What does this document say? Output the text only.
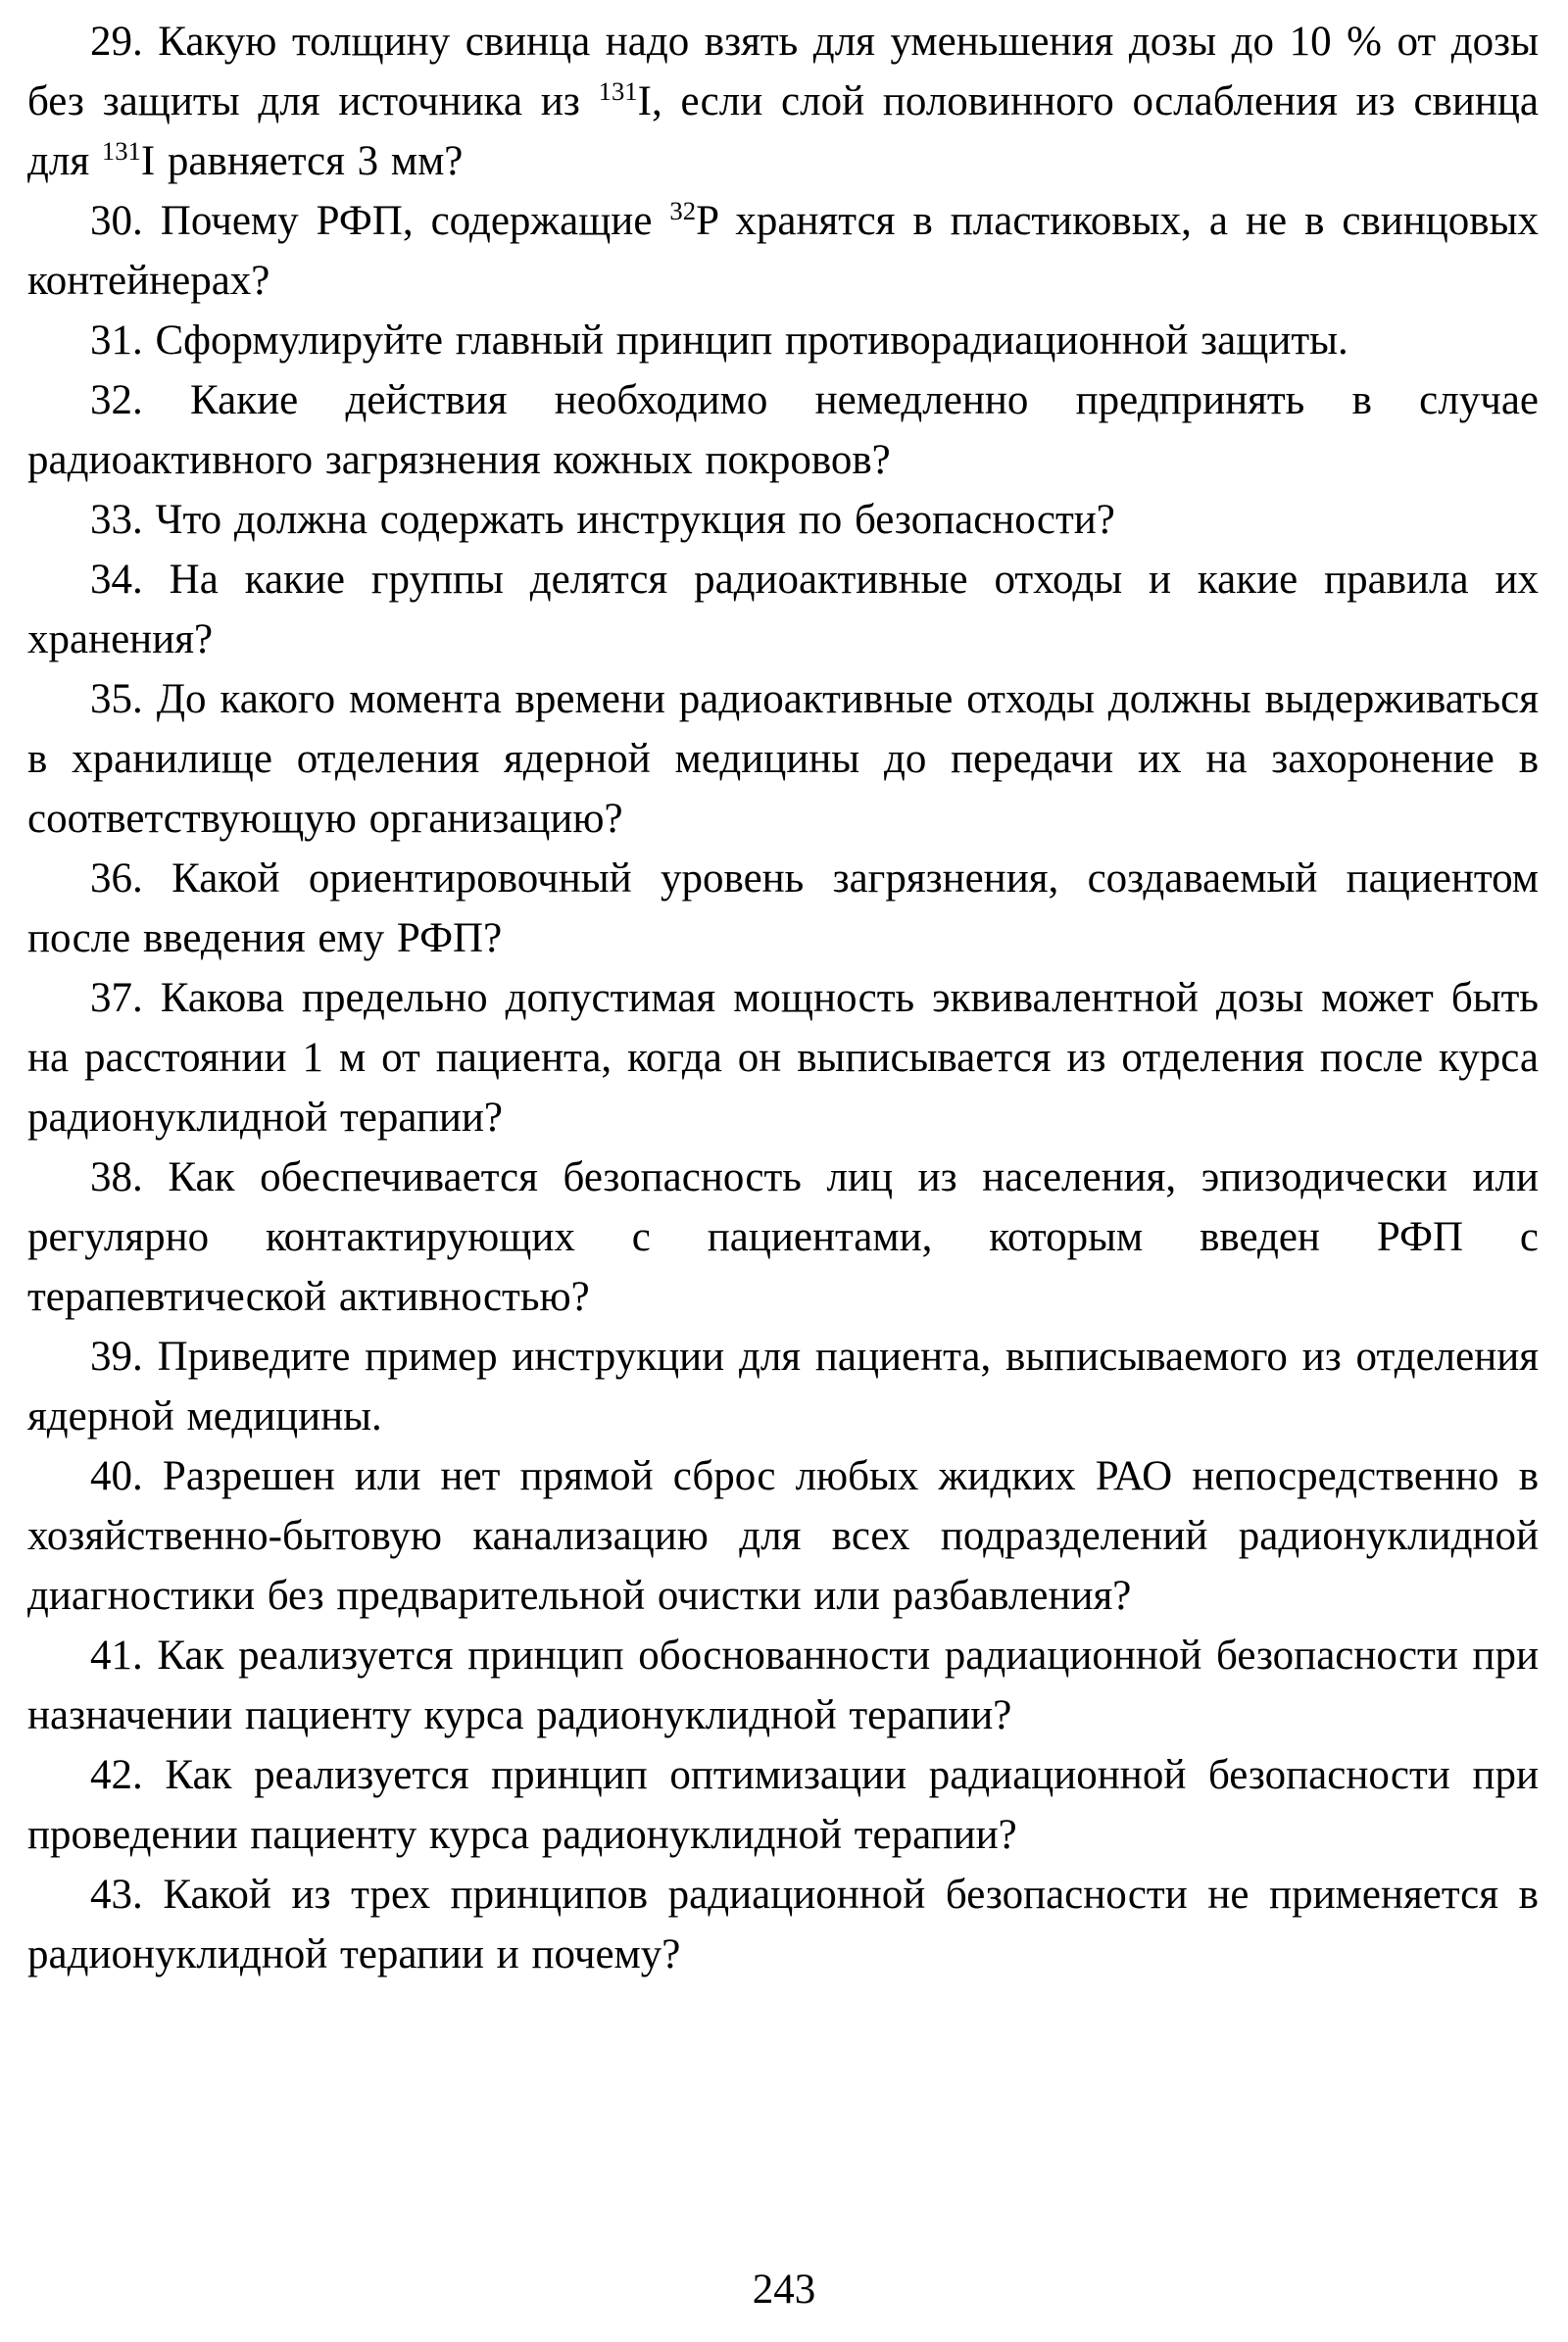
29. Какую толщину свинца надо взять для уменьшения дозы до 10 % от дозы без защиты для источника из $^{131}$I, если слой половинного ослабления из свинца для $^{131}$I равняется 3 мм?

30. Почему РФП, содержащие $^{32}$P хранятся в пластиковых, а не в свинцовых контейнерах?

31. Сформулируйте главный принцип противорадиационной защиты.

32. Какие действия необходимо немедленно предпринять в случае радиоактивного загрязнения кожных покровов?

33. Что должна содержать инструкция по безопасности?

34. На какие группы делятся радиоактивные отходы и какие правила их хранения?

35. До какого момента времени радиоактивные отходы должны выдерживаться в хранилище отделения ядерной медицины до передачи их на захоронение в соответствующую организацию?

36. Какой ориентировочный уровень загрязнения, создаваемый пациентом после введения ему РФП?

37. Какова предельно допустимая мощность эквивалентной дозы может быть на расстоянии 1 м от пациента, когда он выписывается из отделения после курса радионуклидной терапии?

38. Как обеспечивается безопасность лиц из населения, эпизодически или регулярно контактирующих с пациентами, которым введен РФП с терапевтической активностью?

39. Приведите пример инструкции для пациента, выписываемого из отделения ядерной медицины.

40. Разрешен или нет прямой сброс любых жидких РАО непосредственно в хозяйственно-бытовую канализацию для всех подразделений радионуклидной диагностики без предварительной очистки или разбавления?

41. Как реализуется принцип обоснованности радиационной безопасности при назначении пациенту курса радионуклидной терапии?

42. Как реализуется принцип оптимизации радиационной безопасности при проведении пациенту курса радионуклидной терапии?

43. Какой из трех принципов радиационной безопасности не применяется в радионуклидной терапии и почему?

243
